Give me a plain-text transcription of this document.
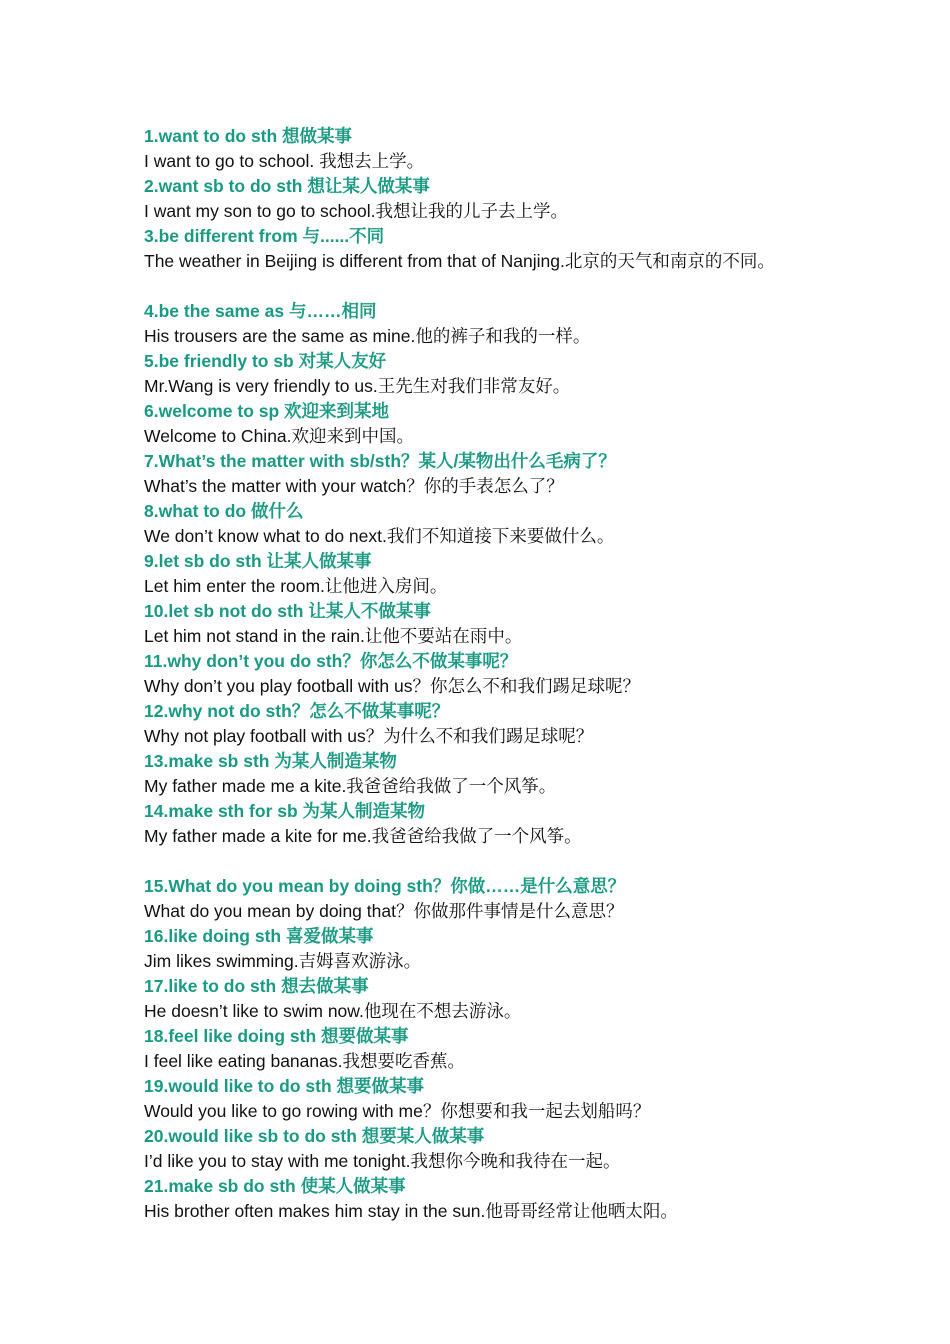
1.want to do sth 想做某事
I want to go to school. 我想去上学。
2.want sb to do sth 想让某人做某事
I want my son to go to school.我想让我的儿子去上学。
3.be different from 与......不同
The weather in Beijing is different from that of Nanjing.北京的天气和南京的不同。
4.be the same as 与……相同
His trousers are the same as mine.他的裤子和我的一样。
5.be friendly to sb 对某人友好
Mr.Wang is very friendly to us.王先生对我们非常友好。
6.welcome to sp 欢迎来到某地
Welcome to China.欢迎来到中国。
7.What’s the matter with sb/sth？某人/某物出什么毛病了？
What’s the matter with your watch？你的手表怎么了？
8.what to do 做什么
We don’t know what to do next.我们不知道接下来要做什么。
9.let sb do sth 让某人做某事
Let him enter the room.让他进入房间。
10.let sb not do sth 让某人不做某事
Let him not stand in the rain.让他不要站在雨中。
11.why don’t you do sth？你怎么不做某事呢？
Why don’t you play football with us？你怎么不和我们踢足球呢？
12.why not do sth？怎么不做某事呢？
Why not play football with us？为什么不和我们踢足球呢？
13.make sb sth 为某人制造某物
My father made me a kite.我爸爸给我做了一个风筝。
14.make sth for sb 为某人制造某物
My father made a kite for me.我爸爸给我做了一个风筝。
15.What do you mean by doing sth？你做……是什么意思？
What do you mean by doing that？你做那件事情是什么意思？
16.like doing sth 喜爱做某事
Jim likes swimming.吉姆喜欢游泳。
17.like to do sth 想去做某事
He doesn’t like to swim now.他现在不想去游泳。
18.feel like doing sth 想要做某事
I feel like eating bananas.我想要吃香蕉。
19.would like to do sth 想要做某事
Would you like to go rowing with me？你想要和我一起去划船吗？
20.would like sb to do sth 想要某人做某事
I’d like you to stay with me tonight.我想你今晚和我待在一起。
21.make sb do sth 使某人做某事
His brother often makes him stay in the sun.他哥哥经常让他晒太阳。
